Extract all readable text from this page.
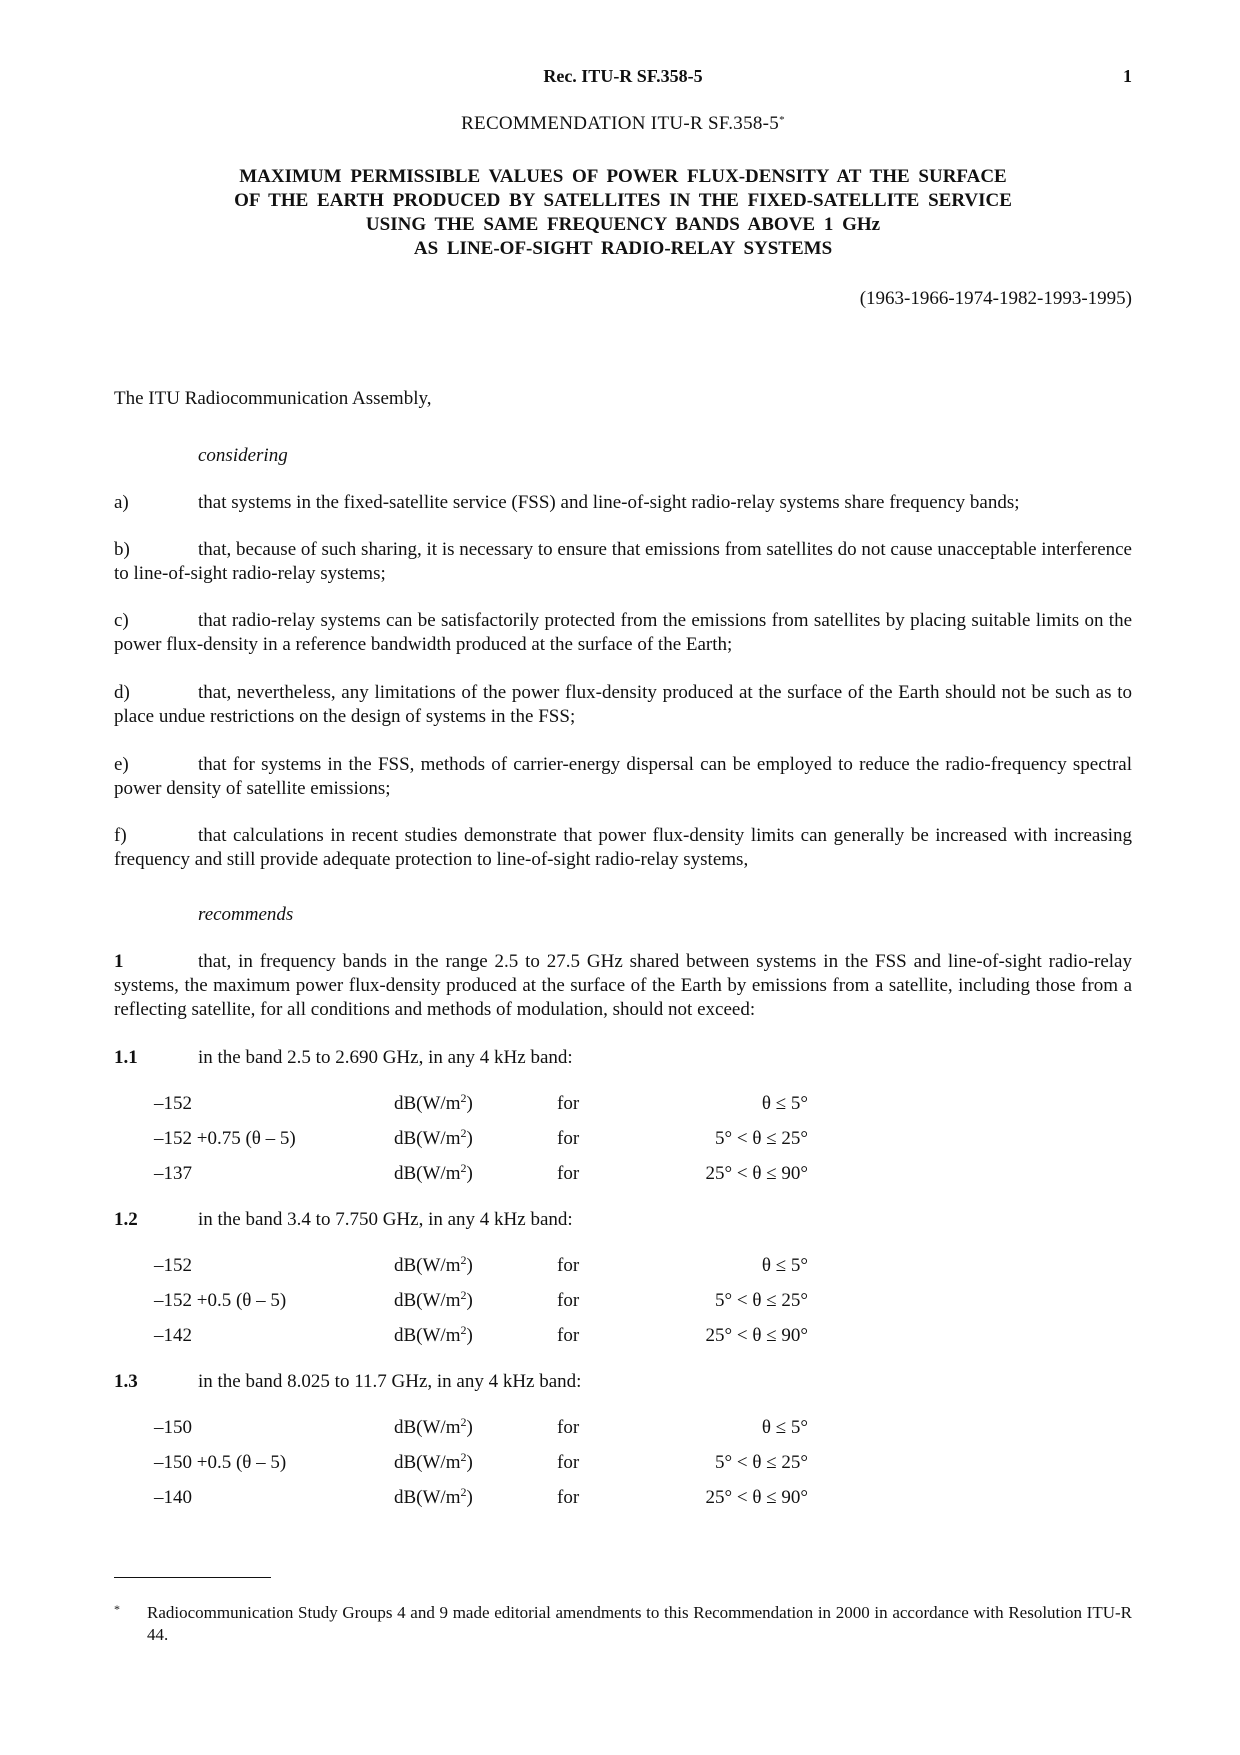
Rec. ITU-R SF.358-5	1
RECOMMENDATION ITU-R SF.358-5*
MAXIMUM PERMISSIBLE VALUES OF POWER FLUX-DENSITY AT THE SURFACE
OF THE EARTH PRODUCED BY SATELLITES IN THE FIXED-SATELLITE SERVICE
USING THE SAME FREQUENCY BANDS ABOVE 1 GHz
AS LINE-OF-SIGHT RADIO-RELAY SYSTEMS
(1963-1966-1974-1982-1993-1995)
The ITU Radiocommunication Assembly,
considering
a)	that systems in the fixed-satellite service (FSS) and line-of-sight radio-relay systems share frequency bands;
b)	that, because of such sharing, it is necessary to ensure that emissions from satellites do not cause unacceptable interference to line-of-sight radio-relay systems;
c)	that radio-relay systems can be satisfactorily protected from the emissions from satellites by placing suitable limits on the power flux-density in a reference bandwidth produced at the surface of the Earth;
d)	that, nevertheless, any limitations of the power flux-density produced at the surface of the Earth should not be such as to place undue restrictions on the design of systems in the FSS;
e)	that for systems in the FSS, methods of carrier-energy dispersal can be employed to reduce the radio-frequency spectral power density of satellite emissions;
f)	that calculations in recent studies demonstrate that power flux-density limits can generally be increased with increasing frequency and still provide adequate protection to line-of-sight radio-relay systems,
recommends
1	that, in frequency bands in the range 2.5 to 27.5 GHz shared between systems in the FSS and line-of-sight radio-relay systems, the maximum power flux-density produced at the surface of the Earth by emissions from a satellite, including those from a reflecting satellite, for all conditions and methods of modulation, should not exceed:
1.1	in the band 2.5 to 2.690 GHz, in any 4 kHz band:
–152	$dB(W/m^2)$	for	θ ≤ 5°
–152 +0.75 (θ – 5)	$dB(W/m^2)$	for	5° < θ ≤ 25°
–137	$dB(W/m^2)$	for	25° < θ ≤ 90°
1.2	in the band 3.4 to 7.750 GHz, in any 4 kHz band:
–152	$dB(W/m^2)$	for	θ ≤ 5°
–152 +0.5 (θ – 5)	$dB(W/m^2)$	for	5° < θ ≤ 25°
–142	$dB(W/m^2)$	for	25° < θ ≤ 90°
1.3	in the band 8.025 to 11.7 GHz, in any 4 kHz band:
–150	$dB(W/m^2)$	for	θ ≤ 5°
–150 +0.5 (θ – 5)	$dB(W/m^2)$	for	5° < θ ≤ 25°
–140	$dB(W/m^2)$	for	25° < θ ≤ 90°
* Radiocommunication Study Groups 4 and 9 made editorial amendments to this Recommendation in 2000 in accordance with Resolution ITU-R 44.
